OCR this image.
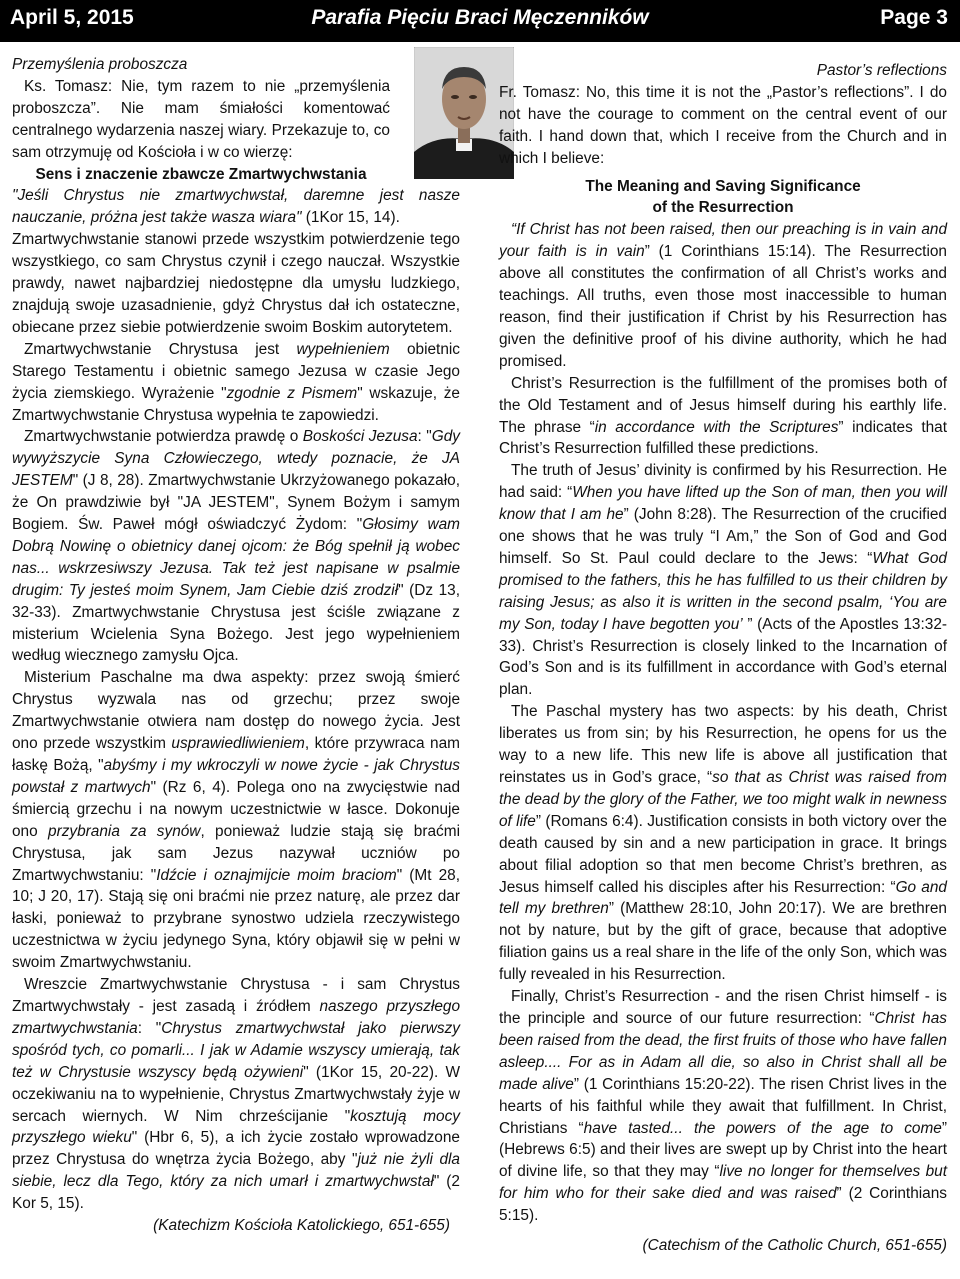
April 5, 2015	Parafia Pięciu Braci Męczenników	Page 3

Przemyślenia proboszcza

Ks. Tomasz: Nie, tym razem to nie „przemyślenia proboszcza”. Nie mam śmiałości komentować centralnego wydarzenia naszej wiary. Przekazuje to, co sam otrzymuję od Kościoła i w co wierzę:

Sens i znaczenie zbawcze Zmartwychwstania

"Jeśli Chrystus nie zmartwychwstał, daremne jest nasze nauczanie, próżna jest także wasza wiara" (1Kor 15, 14).

Zmartwychwstanie stanowi przede wszystkim potwierdzenie tego wszystkiego, co sam Chrystus czynił i czego nauczał. Wszystkie prawdy, nawet najbardziej niedostępne dla umysłu ludzkiego, znajdują swoje uzasadnienie, gdyż Chrystus dał ich ostateczne, obiecane przez siebie potwierdzenie swoim Boskim autorytetem.

Zmartwychwstanie Chrystusa jest wypełnieniem obietnic Starego Testamentu i obietnic samego Jezusa w czasie Jego życia ziemskiego. Wyrażenie "zgodnie z Pismem" wskazuje, że Zmartwychwstanie Chrystusa wypełnia te zapowiedzi.

Zmartwychwstanie potwierdza prawdę o Boskości Jezusa: "Gdy wywyższycie Syna Człowieczego, wtedy poznacie, że JA JESTEM" (J 8, 28). Zmartwychwstanie Ukrzyżowanego pokazało, że On prawdziwie był "JA JESTEM", Synem Bożym i samym Bogiem. Św. Paweł mógł oświadczyć Żydom: "Głosimy wam Dobrą Nowinę o obietnicy danej ojcom: że Bóg spełnił ją wobec nas... wskrzesiwszy Jezusa. Tak też jest napisane w psalmie drugim: Ty jesteś moim Synem, Jam Ciebie dziś zrodził" (Dz 13, 32-33). Zmartwychwstanie Chrystusa jest ściśle związane z misterium Wcielenia Syna Bożego. Jest jego wypełnieniem według wiecznego zamysłu Ojca.

Misterium Paschalne ma dwa aspekty: przez swoją śmierć Chrystus wyzwala nas od grzechu; przez swoje Zmartwychwstanie otwiera nam dostęp do nowego życia. Jest ono przede wszystkim usprawiedliwieniem, które przywraca nam łaskę Bożą, "abyśmy i my wkroczyli w nowe życie - jak Chrystus powstał z martwych" (Rz 6, 4). Polega ono na zwycięstwie nad śmiercią grzechu i na nowym uczestnictwie w łasce. Dokonuje ono przybrania za synów, ponieważ ludzie stają się braćmi Chrystusa, jak sam Jezus nazywał uczniów po Zmartwychwstaniu: "Idźcie i oznajmijcie moim braciom" (Mt 28, 10; J 20, 17). Stają się oni braćmi nie przez naturę, ale przez dar łaski, ponieważ to przybrane synostwo udziela rzeczywistego uczestnictwa w życiu jedynego Syna, który objawił się w pełni w swoim Zmartwychwstaniu.

Wreszcie Zmartwychwstanie Chrystusa - i sam Chrystus Zmartwychwstały - jest zasadą i źródłem naszego przyszłego zmartwychwstania: "Chrystus zmartwychwstał jako pierwszy spośród tych, co pomarli... I jak w Adamie wszyscy umierają, tak też w Chrystusie wszyscy będą ożywieni" (1Kor 15, 20-22). W oczekiwaniu na to wypełnienie, Chrystus Zmartwychwstały żyje w sercach wiernych. W Nim chrześcijanie "kosztują mocy przyszłego wieku" (Hbr 6, 5), a ich życie zostało wprowadzone przez Chrystusa do wnętrza życia Bożego, aby "już nie żyli dla siebie, lecz dla Tego, który za nich umarł i zmartwychwstał" (2 Kor 5, 15).

(Katechizm Kościoła Katolickiego, 651-655)

Pastor’s reflections

Fr. Tomasz: No, this time it is not the „Pastor’s reflections”. I do not have the courage to comment on the central event of our faith. I hand down that, which I receive from the Church and in which I believe:

The Meaning and Saving Significance

of the Resurrection

“If Christ has not been raised, then our preaching is in vain and your faith is in vain” (1 Corinthians 15:14). The Resurrection above all constitutes the confirmation of all Christ’s works and teachings. All truths, even those most inaccessible to human reason, find their justification if Christ by his Resurrection has given the definitive proof of his divine authority, which he had promised.

Christ’s Resurrection is the fulfillment of the promises both of the Old Testament and of Jesus himself during his earthly life. The phrase “in accordance with the Scriptures” indicates that Christ’s Resurrection fulfilled these predictions.

The truth of Jesus’ divinity is confirmed by his Resurrection. He had said: “When you have lifted up the Son of man, then you will know that I am he” (John 8:28). The Resurrection of the crucified one shows that he was truly “I Am,” the Son of God and God himself. So St. Paul could declare to the Jews: “What God promised to the fathers, this he has fulfilled to us their children by raising Jesus; as also it is written in the second psalm, ‘You are my Son, today I have begotten you’ ” (Acts of the Apostles 13:32-33). Christ’s Resurrection is closely linked to the Incarnation of God’s Son and is its fulfillment in accordance with God’s eternal plan.

The Paschal mystery has two aspects: by his death, Christ liberates us from sin; by his Resurrection, he opens for us the way to a new life. This new life is above all justification that reinstates us in God’s grace, “so that as Christ was raised from the dead by the glory of the Father, we too might walk in newness of life” (Romans 6:4). Justification consists in both victory over the death caused by sin and a new participation in grace. It brings about filial adoption so that men become Christ’s brethren, as Jesus himself called his disciples after his Resurrection: “Go and tell my brethren” (Matthew 28:10, John 20:17). We are brethren not by nature, but by the gift of grace, because that adoptive filiation gains us a real share in the life of the only Son, which was fully revealed in his Resurrection.

Finally, Christ’s Resurrection - and the risen Christ himself - is the principle and source of our future resurrection: “Christ has been raised from the dead, the first fruits of those who have fallen asleep.... For as in Adam all die, so also in Christ shall all be made alive” (1 Corinthians 15:20-22). The risen Christ lives in the hearts of his faithful while they await that fulfillment. In Christ, Christians “have tasted... the powers of the age to come” (Hebrews 6:5) and their lives are swept up by Christ into the heart of divine life, so that they may “live no longer for themselves but for him who for their sake died and was raised” (2 Corinthians 5:15).

(Catechism of the Catholic Church, 651-655)
